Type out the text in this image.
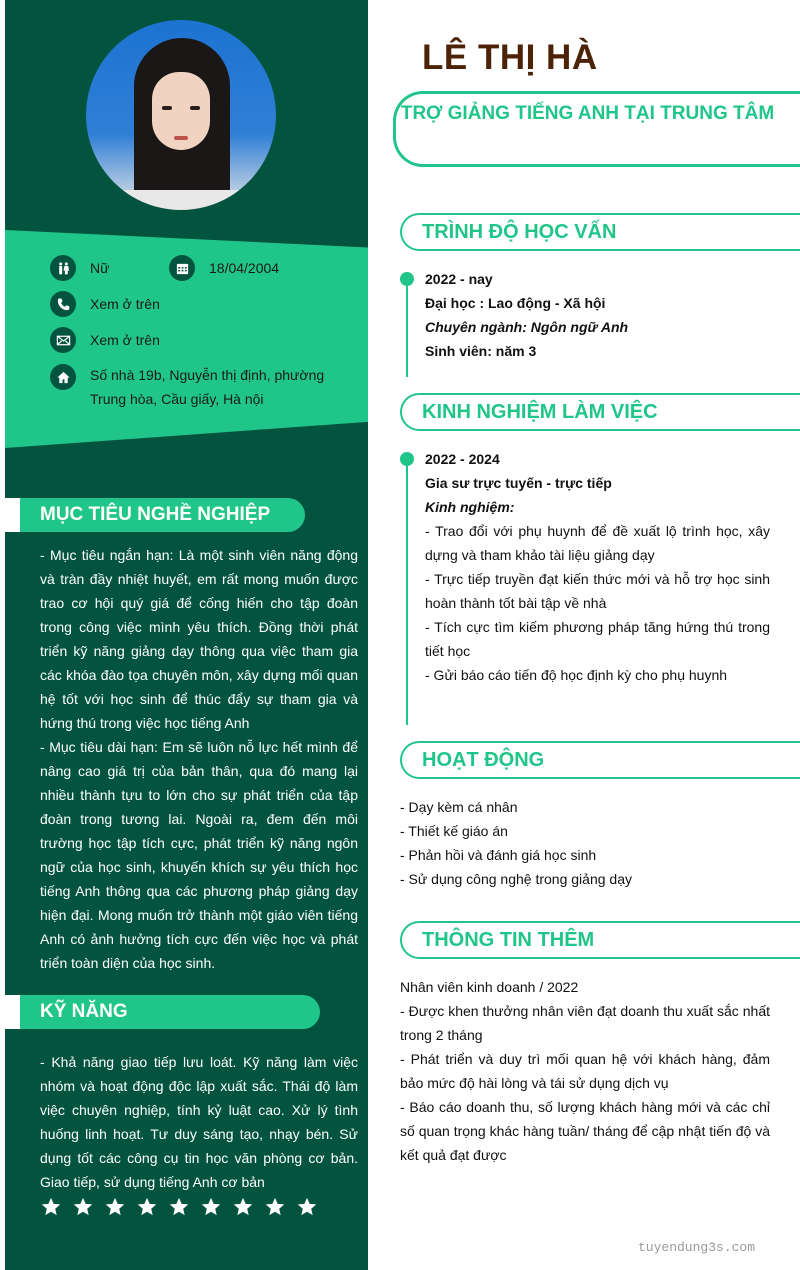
Nữ	18/04/2004
Xem ở trên
Xem ở trên
Số nhà 19b, Nguyễn thị định, phường Trung hòa, Cầu giấy, Hà nội
MỤC TIÊU NGHỀ NGHIỆP
- Mục tiêu ngắn hạn: Là một sinh viên năng động và tràn đầy nhiệt huyết, em rất mong muốn được trao cơ hội quý giá để cống hiến cho tập đoàn trong công việc mình yêu thích. Đồng thời phát triển kỹ năng giảng dạy thông qua việc tham gia các khóa đào tọa chuyên môn, xây dựng mối quan hệ tốt với học sinh để thúc đẩy sự tham gia và hứng thú trong việc học tiếng Anh
- Mục tiêu dài hạn: Em sẽ luôn nỗ lực hết mình để nâng cao giá trị của bản thân, qua đó mang lại nhiều thành tựu to lớn cho sự phát triển của tập đoàn trong tương lai. Ngoài ra, đem đến môi trường học tập tích cực, phát triển kỹ năng ngôn ngữ của học sinh, khuyến khích sự yêu thích học tiếng Anh thông qua các phương pháp giảng dạy hiện đại. Mong muốn trở thành một giáo viên tiếng Anh có ảnh hưởng tích cực đến việc học và phát triển toàn diện của học sinh.
KỸ NĂNG
- Khả năng giao tiếp lưu loát. Kỹ năng làm việc nhóm và hoạt động độc lập xuất sắc. Thái độ làm việc chuyên nghiệp, tính kỷ luật cao. Xử lý tình huống linh hoạt. Tư duy sáng tạo, nhạy bén. Sử dụng tốt các công cụ tin học văn phòng cơ bản. Giao tiếp, sử dụng tiếng Anh cơ bản
LÊ THỊ HÀ
TRỢ GIẢNG TIẾNG ANH TẠI TRUNG TÂM
TRÌNH ĐỘ HỌC VẤN
2022 - nay
Đại học : Lao động - Xã hội
Chuyên ngành: Ngôn ngữ Anh
Sinh viên: năm 3
KINH NGHIỆM LÀM VIỆC
2022 - 2024
Gia sư trực tuyến - trực tiếp
Kinh nghiệm:
- Trao đổi với phụ huynh để đề xuất lộ trình học, xây dựng và tham khảo tài liệu giảng dạy
- Trực tiếp truyền đạt kiến thức mới và hỗ trợ học sinh hoàn thành tốt bài tập về nhà
- Tích cực tìm kiếm phương pháp tăng hứng thú trong tiết học
- Gửi báo cáo tiến độ học định kỳ cho phụ huynh
HOẠT ĐỘNG
- Dạy kèm cá nhân
- Thiết kế giáo án
- Phản hồi và đánh giá học sinh
- Sử dụng công nghệ trong giảng dạy
THÔNG TIN THÊM
Nhân viên kinh doanh / 2022
- Được khen thưởng nhân viên đạt doanh thu xuất sắc nhất trong 2 tháng
- Phát triển và duy trì mối quan hệ với khách hàng, đảm bảo mức độ hài lòng và tái sử dụng dịch vụ
- Báo cáo doanh thu, số lượng khách hàng mới và các chỉ số quan trọng khác hàng tuần/ tháng để cập nhật tiến độ và kết quả đạt được
tuyendung3s.com
